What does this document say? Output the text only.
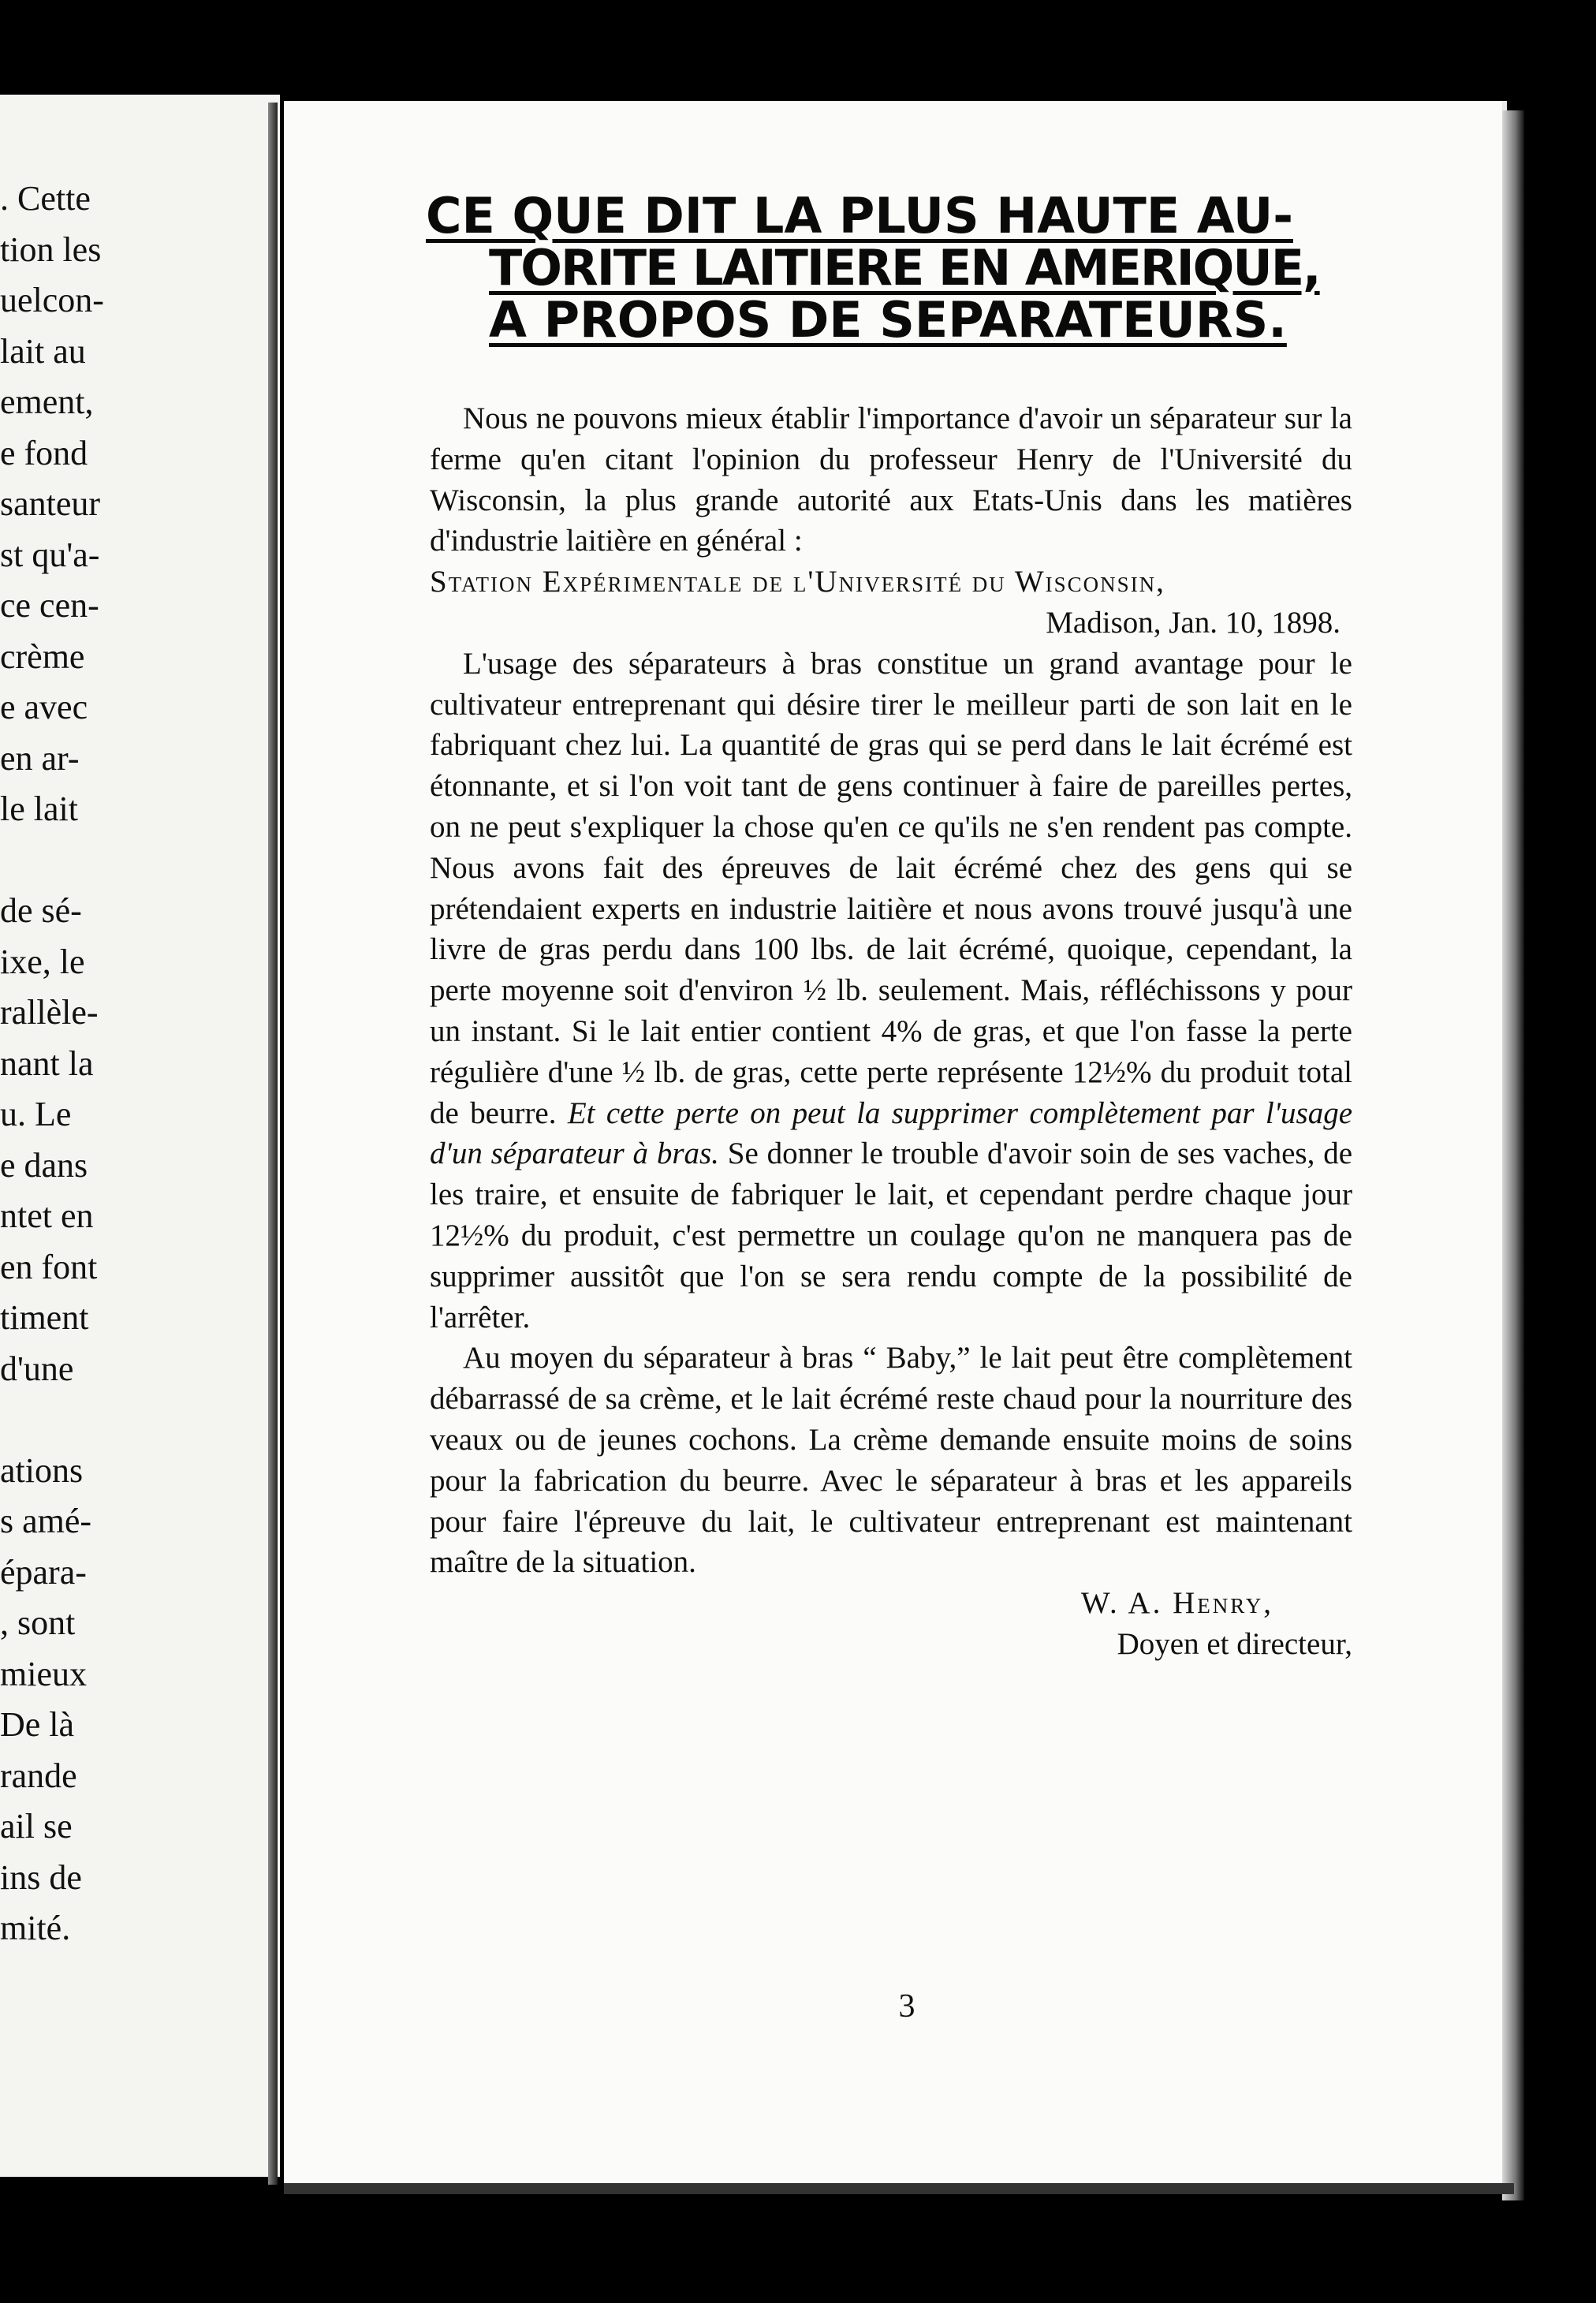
CE QUE DIT LA PLUS HAUTE AU-
TORITE LAITIERE EN AMERIQUE,
A PROPOS DE SEPARATEURS.

Nous ne pouvons mieux établir l'importance d'avoir un séparateur sur la ferme qu'en citant l'opinion du professeur Henry de l'Université du Wisconsin, la plus grande autorité aux Etats-Unis dans les matières d'industrie laitière en général :

Station Expérimentale de l'Université du Wisconsin,

Madison, Jan. 10, 1898.

L'usage des séparateurs à bras constitue un grand avantage pour le cultivateur entreprenant qui désire tirer le meilleur parti de son lait en le fabriquant chez lui. La quantité de gras qui se perd dans le lait écrémé est étonnante, et si l'on voit tant de gens continuer à faire de pareilles pertes, on ne peut s'expliquer la chose qu'en ce qu'ils ne s'en rendent pas compte. Nous avons fait des épreuves de lait écrémé chez des gens qui se prétendaient experts en industrie laitière et nous avons trouvé jusqu'à une livre de gras perdu dans 100 lbs. de lait écrémé, quoique, cependant, la perte moyenne soit d'environ ½ lb. seulement. Mais, réfléchissons y pour un instant. Si le lait entier contient 4% de gras, et que l'on fasse la perte régulière d'une ½ lb. de gras, cette perte représente 12½% du produit total de beurre. Et cette perte on peut la supprimer complètement par l'usage d'un séparateur à bras. Se donner le trouble d'avoir soin de ses vaches, de les traire, et ensuite de fabriquer le lait, et cependant perdre chaque jour 12½% du produit, c'est permettre un coulage qu'on ne manquera pas de supprimer aussitôt que l'on se sera rendu compte de la possibilité de l'arrêter.

Au moyen du séparateur à bras “ Baby,” le lait peut être complètement débarrassé de sa crème, et le lait écrémé reste chaud pour la nourriture des veaux ou de jeunes cochons. La crème demande ensuite moins de soins pour la fabrication du beurre. Avec le séparateur à bras et les appareils pour faire l'épreuve du lait, le cultivateur entreprenant est maintenant maître de la situation.

W. A. Henry,

Doyen et directeur,

3
. Cette
tion les
uelcon-
lait au
ement,
e fond
santeur
st qu'a-
ce cen-
crème
e avec
en ar-
le lait
de sé-
ixe, le
rallèle-
nant la
u. Le
e dans
ntet en
en font
timent
d'une
ations
s amé-
épara-
, sont
mieux
De là
rande
ail se
ins de
mité.
